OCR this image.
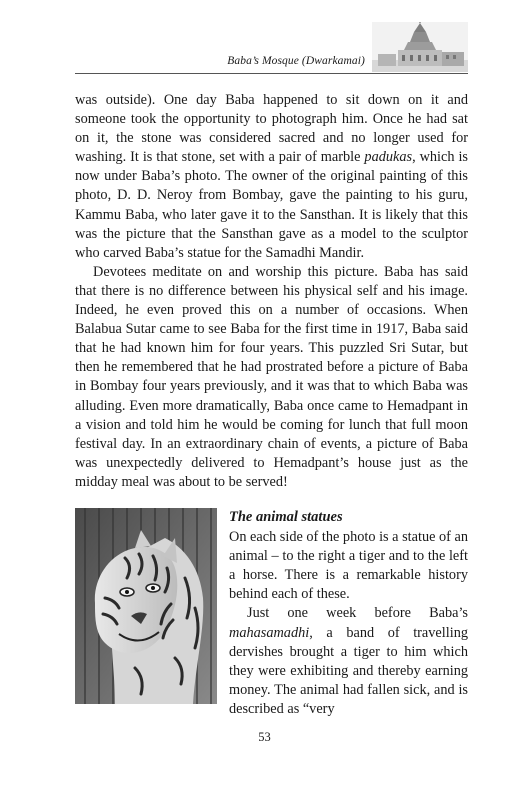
Baba’s Mosque (Dwarkamai)

was outside). One day Baba happened to sit down on it and someone took the opportunity to photograph him. Once he had sat on it, the stone was considered sacred and no longer used for washing. It is that stone, set with a pair of marble padukas, which is now under Baba’s photo. The owner of the original painting of this photo, D. D. Neroy from Bombay, gave the painting to his guru, Kammu Baba, who later gave it to the Sansthan. It is likely that this was the picture that the Sansthan gave as a model to the sculptor who carved Baba’s statue for the Samadhi Mandir.

Devotees meditate on and worship this picture. Baba has said that there is no difference between his physical self and his image. Indeed, he even proved this on a number of occasions. When Balabua Sutar came to see Baba for the first time in 1917, Baba said that he had known him for four years. This puzzled Sri Sutar, but then he remembered that he had prostrated before a picture of Baba in Bombay four years previously, and it was that to which Baba was alluding. Even more dramatically, Baba once came to Hemadpant in a vision and told him he would be coming for lunch that full moon festival day. In an extraordinary chain of events, a picture of Baba was unexpectedly delivered to Hemadpant’s house just as the midday meal was about to be served!

The animal statues

On each side of the photo is a statue of an animal – to the right a tiger and to the left a horse. There is a remarkable history behind each of these.

Just one week before Baba’s mahasamadhi, a band of travelling dervishes brought a tiger to him which they were exhibiting and thereby earning money. The animal had fallen sick, and is described as “very

53
